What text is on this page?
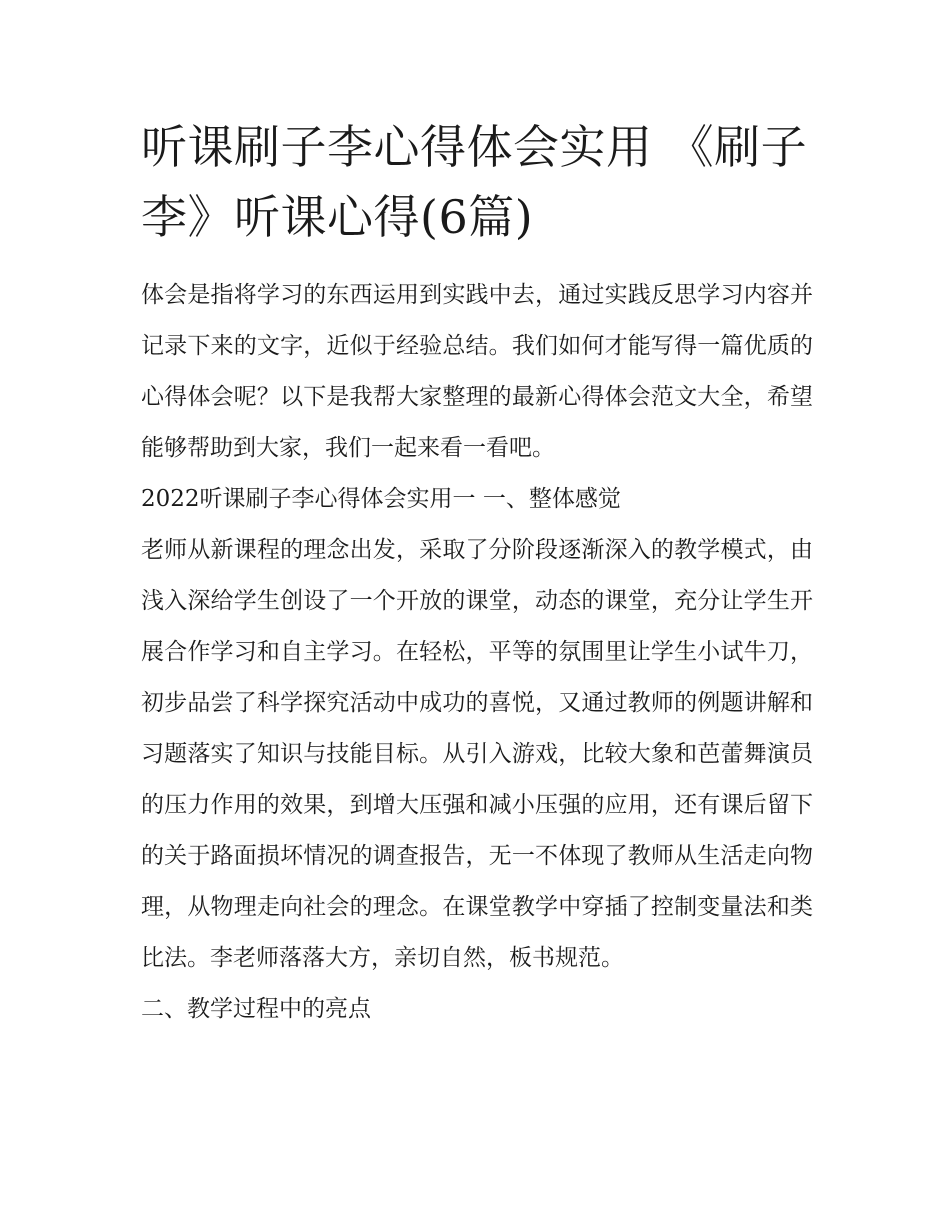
听课刷子李心得体会实用 《刷子李》听课心得(6篇)

体会是指将学习的东西运用到实践中去，通过实践反思学习内容并记录下来的文字，近似于经验总结。我们如何才能写得一篇优质的心得体会呢？以下是我帮大家整理的最新心得体会范文大全，希望能够帮助到大家，我们一起来看一看吧。

2022听课刷子李心得体会实用一 一、整体感觉

老师从新课程的理念出发，采取了分阶段逐渐深入的教学模式，由浅入深给学生创设了一个开放的课堂，动态的课堂，充分让学生开展合作学习和自主学习。在轻松，平等的氛围里让学生小试牛刀，初步品尝了科学探究活动中成功的喜悦，又通过教师的例题讲解和习题落实了知识与技能目标。从引入游戏，比较大象和芭蕾舞演员的压力作用的效果，到增大压强和减小压强的应用，还有课后留下的关于路面损坏情况的调查报告，无一不体现了教师从生活走向物理，从物理走向社会的理念。在课堂教学中穿插了控制变量法和类比法。李老师落落大方，亲切自然，板书规范。

二、教学过程中的亮点
